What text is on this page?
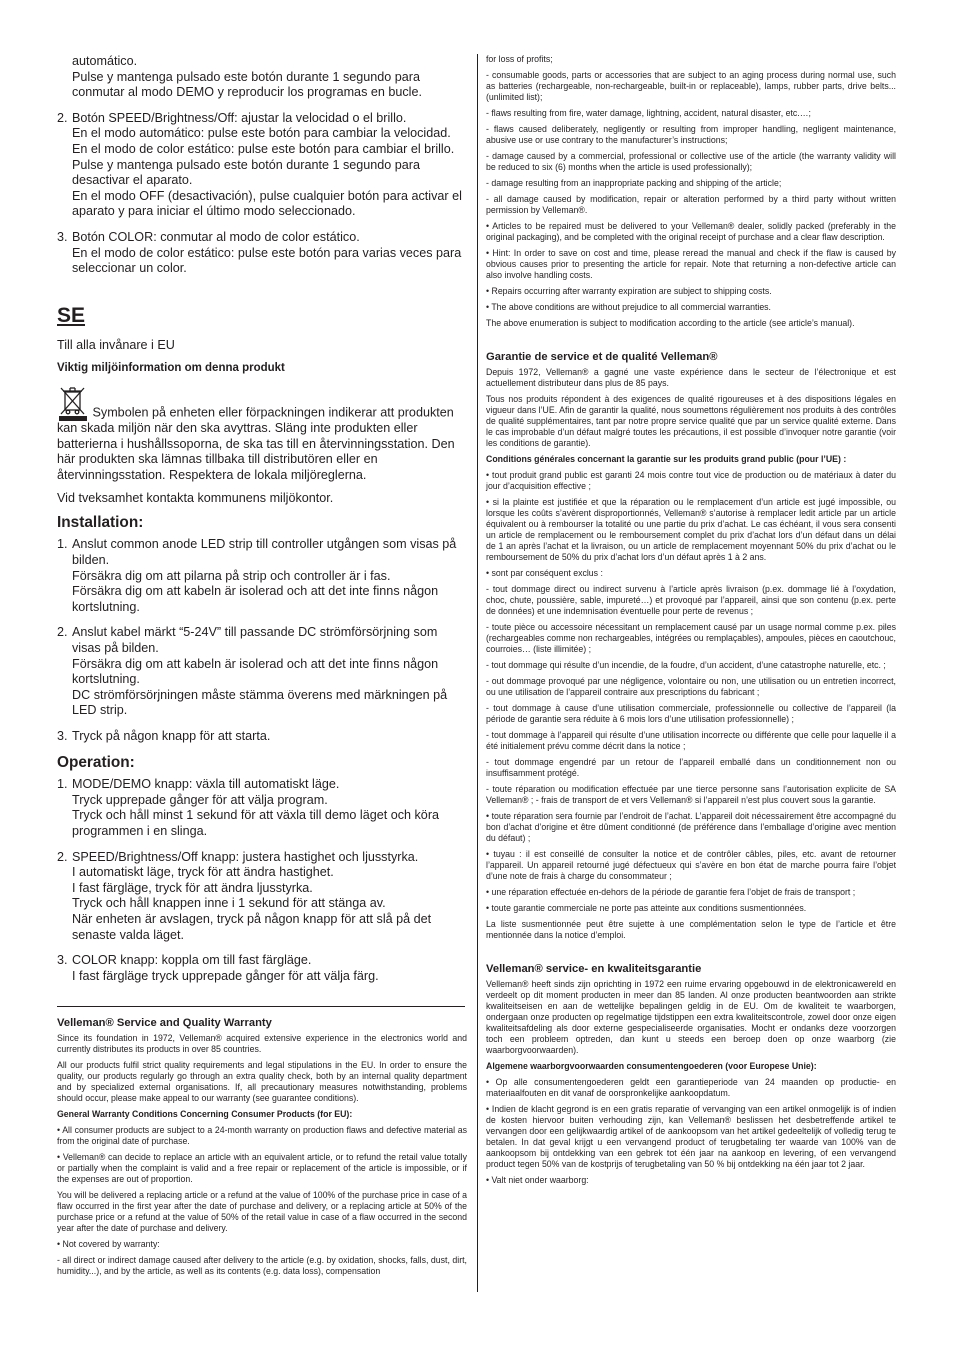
automático.
Pulse y mantenga pulsado este botón durante 1 segundo para conmutar al modo DEMO y reproducir los programas en bucle.
2. Botón SPEED/Brightness/Off: ajustar la velocidad o el brillo.
En el modo automático: pulse este botón para cambiar la velocidad.
En el modo de color estático: pulse este botón para cambiar el brillo.
Pulse y mantenga pulsado este botón durante 1 segundo para desactivar el aparato.
En el modo OFF (desactivación), pulse cualquier botón para activar el aparato y para iniciar el último modo seleccionado.
3. Botón COLOR: conmutar al modo de color estático.
En el modo de color estático: pulse este botón para varias veces para seleccionar un color.
SE
Till alla invånare i EU
Viktig miljöinformation om denna produkt
Symbolen på enheten eller förpackningen indikerar att produkten kan skada miljön när den ska avyttras. Släng inte produkten eller batterierna i hushållssoporna, de ska tas till en återvinningsstation. Den här produkten ska lämnas tillbaka till distributören eller en återvinningsstation. Respektera de lokala miljöreglerna.
Vid tveksamhet kontakta kommunens miljökontor.
Installation:
1. Anslut common anode LED strip till controller utgången som visas på bilden.
Försäkra dig om att pilarna på strip och controller är i fas.
Försäkra dig om att kabeln är isolerad och att det inte finns någon kortslutning.
2. Anslut kabel märkt “5-24V” till passande DC strömförsörjning som visas på bilden.
Försäkra dig om att kabeln är isolerad och att det inte finns någon kortslutning.
DC strömförsörjningen måste stämma överens med märkningen på LED strip.
3. Tryck på någon knapp för att starta.
Operation:
1. MODE/DEMO knapp: växla till automatiskt läge.
Tryck upprepade gånger för att välja program.
Tryck och håll minst 1 sekund för att växla till demo läget och köra programmen i en slinga.
2. SPEED/Brightness/Off knapp: justera hastighet och ljusstyrka.
I automatiskt läge, tryck för att ändra hastighet.
I fast färgläge, tryck för att ändra ljusstyrka.
Tryck och håll knappen inne i 1 sekund för att stänga av.
När enheten är avslagen, tryck på någon knapp för att slå på det senaste valda läget.
3. COLOR knapp: koppla om till fast färgläge.
I fast färgläge tryck upprepade gånger för att välja färg.
Velleman® Service and Quality Warranty

Since its foundation in 1972, Velleman® acquired extensive experience in the electronics world and currently distributes its products in over 85 countries.

All our products fulfil strict quality requirements and legal stipulations in the EU. In order to ensure the quality, our products regularly go through an extra quality check, both by an internal quality department and by specialized external organisations. If, all precautionary measures notwithstanding, problems should occur, please make appeal to our warranty (see guarantee conditions).

General Warranty Conditions Concerning Consumer Products (for EU):

• All consumer products are subject to a 24-month warranty on production flaws and defective material as from the original date of purchase.

• Velleman® can decide to replace an article with an equivalent article, or to refund the retail value totally or partially when the complaint is valid and a free repair or replacement of the article is impossible, or if the expenses are out of proportion.

You will be delivered a replacing article or a refund at the value of 100% of the purchase price in case of a flaw occurred in the first year after the date of purchase and delivery, or a replacing article at 50% of the purchase price or a refund at the value of 50% of the retail value in case of a flaw occurred in the second year after the date of purchase and delivery.

• Not covered by warranty:

- all direct or indirect damage caused after delivery to the article (e.g. by oxidation, shocks, falls, dust, dirt, humidity...), and by the article, as well as its contents (e.g. data loss), compensation

for loss of profits;

- consumable goods, parts or accessories that are subject to an aging process during normal use, such as batteries (rechargeable, non-rechargeable, built-in or replaceable), lamps, rubber parts, drive belts... (unlimited list);

- flaws resulting from fire, water damage, lightning, accident, natural disaster, etc.…;

- flaws caused deliberately, negligently or resulting from improper handling, negligent maintenance, abusive use or use contrary to the manufacturer’s instructions;

- damage caused by a commercial, professional or collective use of the article (the warranty validity will be reduced to six (6) months when the article is used professionally);

- damage resulting from an inappropriate packing and shipping of the article;

- all damage caused by modification, repair or alteration performed by a third party without written permission by Velleman®.

• Articles to be repaired must be delivered to your Velleman® dealer, solidly packed (preferably in the original packaging), and be completed with the original receipt of purchase and a clear flaw description.

• Hint: In order to save on cost and time, please reread the manual and check if the flaw is caused by obvious causes prior to presenting the article for repair. Note that returning a non-defective article can also involve handling costs.

• Repairs occurring after warranty expiration are subject to shipping costs.

• The above conditions are without prejudice to all commercial warranties.

The above enumeration is subject to modification according to the article (see article’s manual).

Garantie de service et de qualité Velleman®

Depuis 1972, Velleman® a gagné une vaste expérience dans le secteur de l’électronique et est actuellement distributeur dans plus de 85 pays.

Tous nos produits répondent à des exigences de qualité rigoureuses et à des dispositions légales en vigueur dans l’UE. Afin de garantir la qualité, nous soumettons régulièrement nos produits à des contrôles de qualité supplémentaires, tant par notre propre service qualité que par un service qualité externe. Dans le cas improbable d’un défaut malgré toutes les précautions, il est possible d’invoquer notre garantie (voir les conditions de garantie).

Conditions générales concernant la garantie sur les produits grand public (pour l’UE) :

• tout produit grand public est garanti 24 mois contre tout vice de production ou de matériaux à dater du jour d’acquisition effective ;

• si la plainte est justifiée et que la réparation ou le remplacement d’un article est jugé impossible, ou lorsque les coûts s’avèrent disproportionnés, Velleman® s’autorise à remplacer ledit article par un article équivalent ou à rembourser la totalité ou une partie du prix d’achat. Le cas échéant, il vous sera consenti un article de remplacement ou le remboursement complet du prix d’achat lors d’un défaut dans un délai de 1 an après l’achat et la livraison, ou un article de remplacement moyennant 50% du prix d’achat ou le remboursement de 50% du prix d’achat lors d’un défaut après 1 à 2 ans.

• sont par conséquent exclus :

- tout dommage direct ou indirect survenu à l’article après livraison (p.ex. dommage lié à l’oxydation, choc, chute, poussière, sable, impureté…) et provoqué par l’appareil, ainsi que son contenu (p.ex. perte de données) et une indemnisation éventuelle pour perte de revenus ;

- toute pièce ou accessoire nécessitant un remplacement causé par un usage normal comme p.ex. piles (rechargeables comme non rechargeables, intégrées ou remplaçables), ampoules, pièces en caoutchouc, courroies… (liste illimitée) ;

- tout dommage qui résulte d’un incendie, de la foudre, d’un accident, d’une catastrophe naturelle, etc. ;

- out dommage provoqué par une négligence, volontaire ou non, une utilisation ou un entretien incorrect, ou une utilisation de l’appareil contraire aux prescriptions du fabricant ;

- tout dommage à cause d’une utilisation commerciale, professionnelle ou collective de l’appareil (la période de garantie sera réduite à 6 mois lors d’une utilisation professionnelle) ;

- tout dommage à l’appareil qui résulte d’une utilisation incorrecte ou différente que celle pour laquelle il a été initialement prévu comme décrit dans la notice ;

- tout dommage engendré par un retour de l’appareil emballé dans un conditionnement non ou insuffisamment protégé.

- toute réparation ou modification effectuée par une tierce personne sans l’autorisation explicite de SA Velleman® ; - frais de transport de et vers Velleman® si l’appareil n’est plus couvert sous la garantie.

• toute réparation sera fournie par l’endroit de l’achat. L’appareil doit nécessairement être accompagné du bon d’achat d’origine et être dûment conditionné (de préférence dans l’emballage d’origine avec mention du défaut) ;

• tuyau : il est conseillé de consulter la notice et de contrôler câbles, piles, etc. avant de retourner l’appareil. Un appareil retourné jugé défectueux qui s’avère en bon état de marche pourra faire l’objet d’une note de frais à charge du consommateur ;

• une réparation effectuée en-dehors de la période de garantie fera l’objet de frais de transport ;

• toute garantie commerciale ne porte pas atteinte aux conditions susmentionnées.

La liste susmentionnée peut être sujette à une complémentation selon le type de l’article et être mentionnée dans la notice d’emploi.

Velleman® service- en kwaliteitsgarantie

Velleman® heeft sinds zijn oprichting in 1972 een ruime ervaring opgebouwd in de elektronicawereld en verdeelt op dit moment producten in meer dan 85 landen. Al onze producten beantwoorden aan strikte kwaliteitseisen en aan de wettelijke bepalingen geldig in de EU. Om de kwaliteit te waarborgen, ondergaan onze producten op regelmatige tijdstippen een extra kwaliteitscontrole, zowel door onze eigen kwaliteitsafdeling als door externe gespecialiseerde organisaties. Mocht er ondanks deze voorzorgen toch een probleem optreden, dan kunt u steeds een beroep doen op onze waarborg (zie waarborgvoorwaarden).

Algemene waarborgvoorwaarden consumentengoederen (voor Europese Unie):

• Op alle consumentengoederen geldt een garantieperiode van 24 maanden op productie- en materiaalfouten en dit vanaf de oorspronkelijke aankoopdatum.

• Indien de klacht gegrond is en een gratis reparatie of vervanging van een artikel onmogelijk is of indien de kosten hiervoor buiten verhouding zijn, kan Velleman® beslissen het desbetreffende artikel te vervangen door een gelijkwaardig artikel of de aankoopsom van het artikel gedeeltelijk of volledig terug te betalen. In dat geval krijgt u een vervangend product of terugbetaling ter waarde van 100% van de aankoopsom bij ontdekking van een gebrek tot één jaar na aankoop en levering, of een vervangend product tegen 50% van de kostprijs of terugbetaling van 50 % bij ontdekking na één jaar tot 2 jaar.

• Valt niet onder waarborg:
